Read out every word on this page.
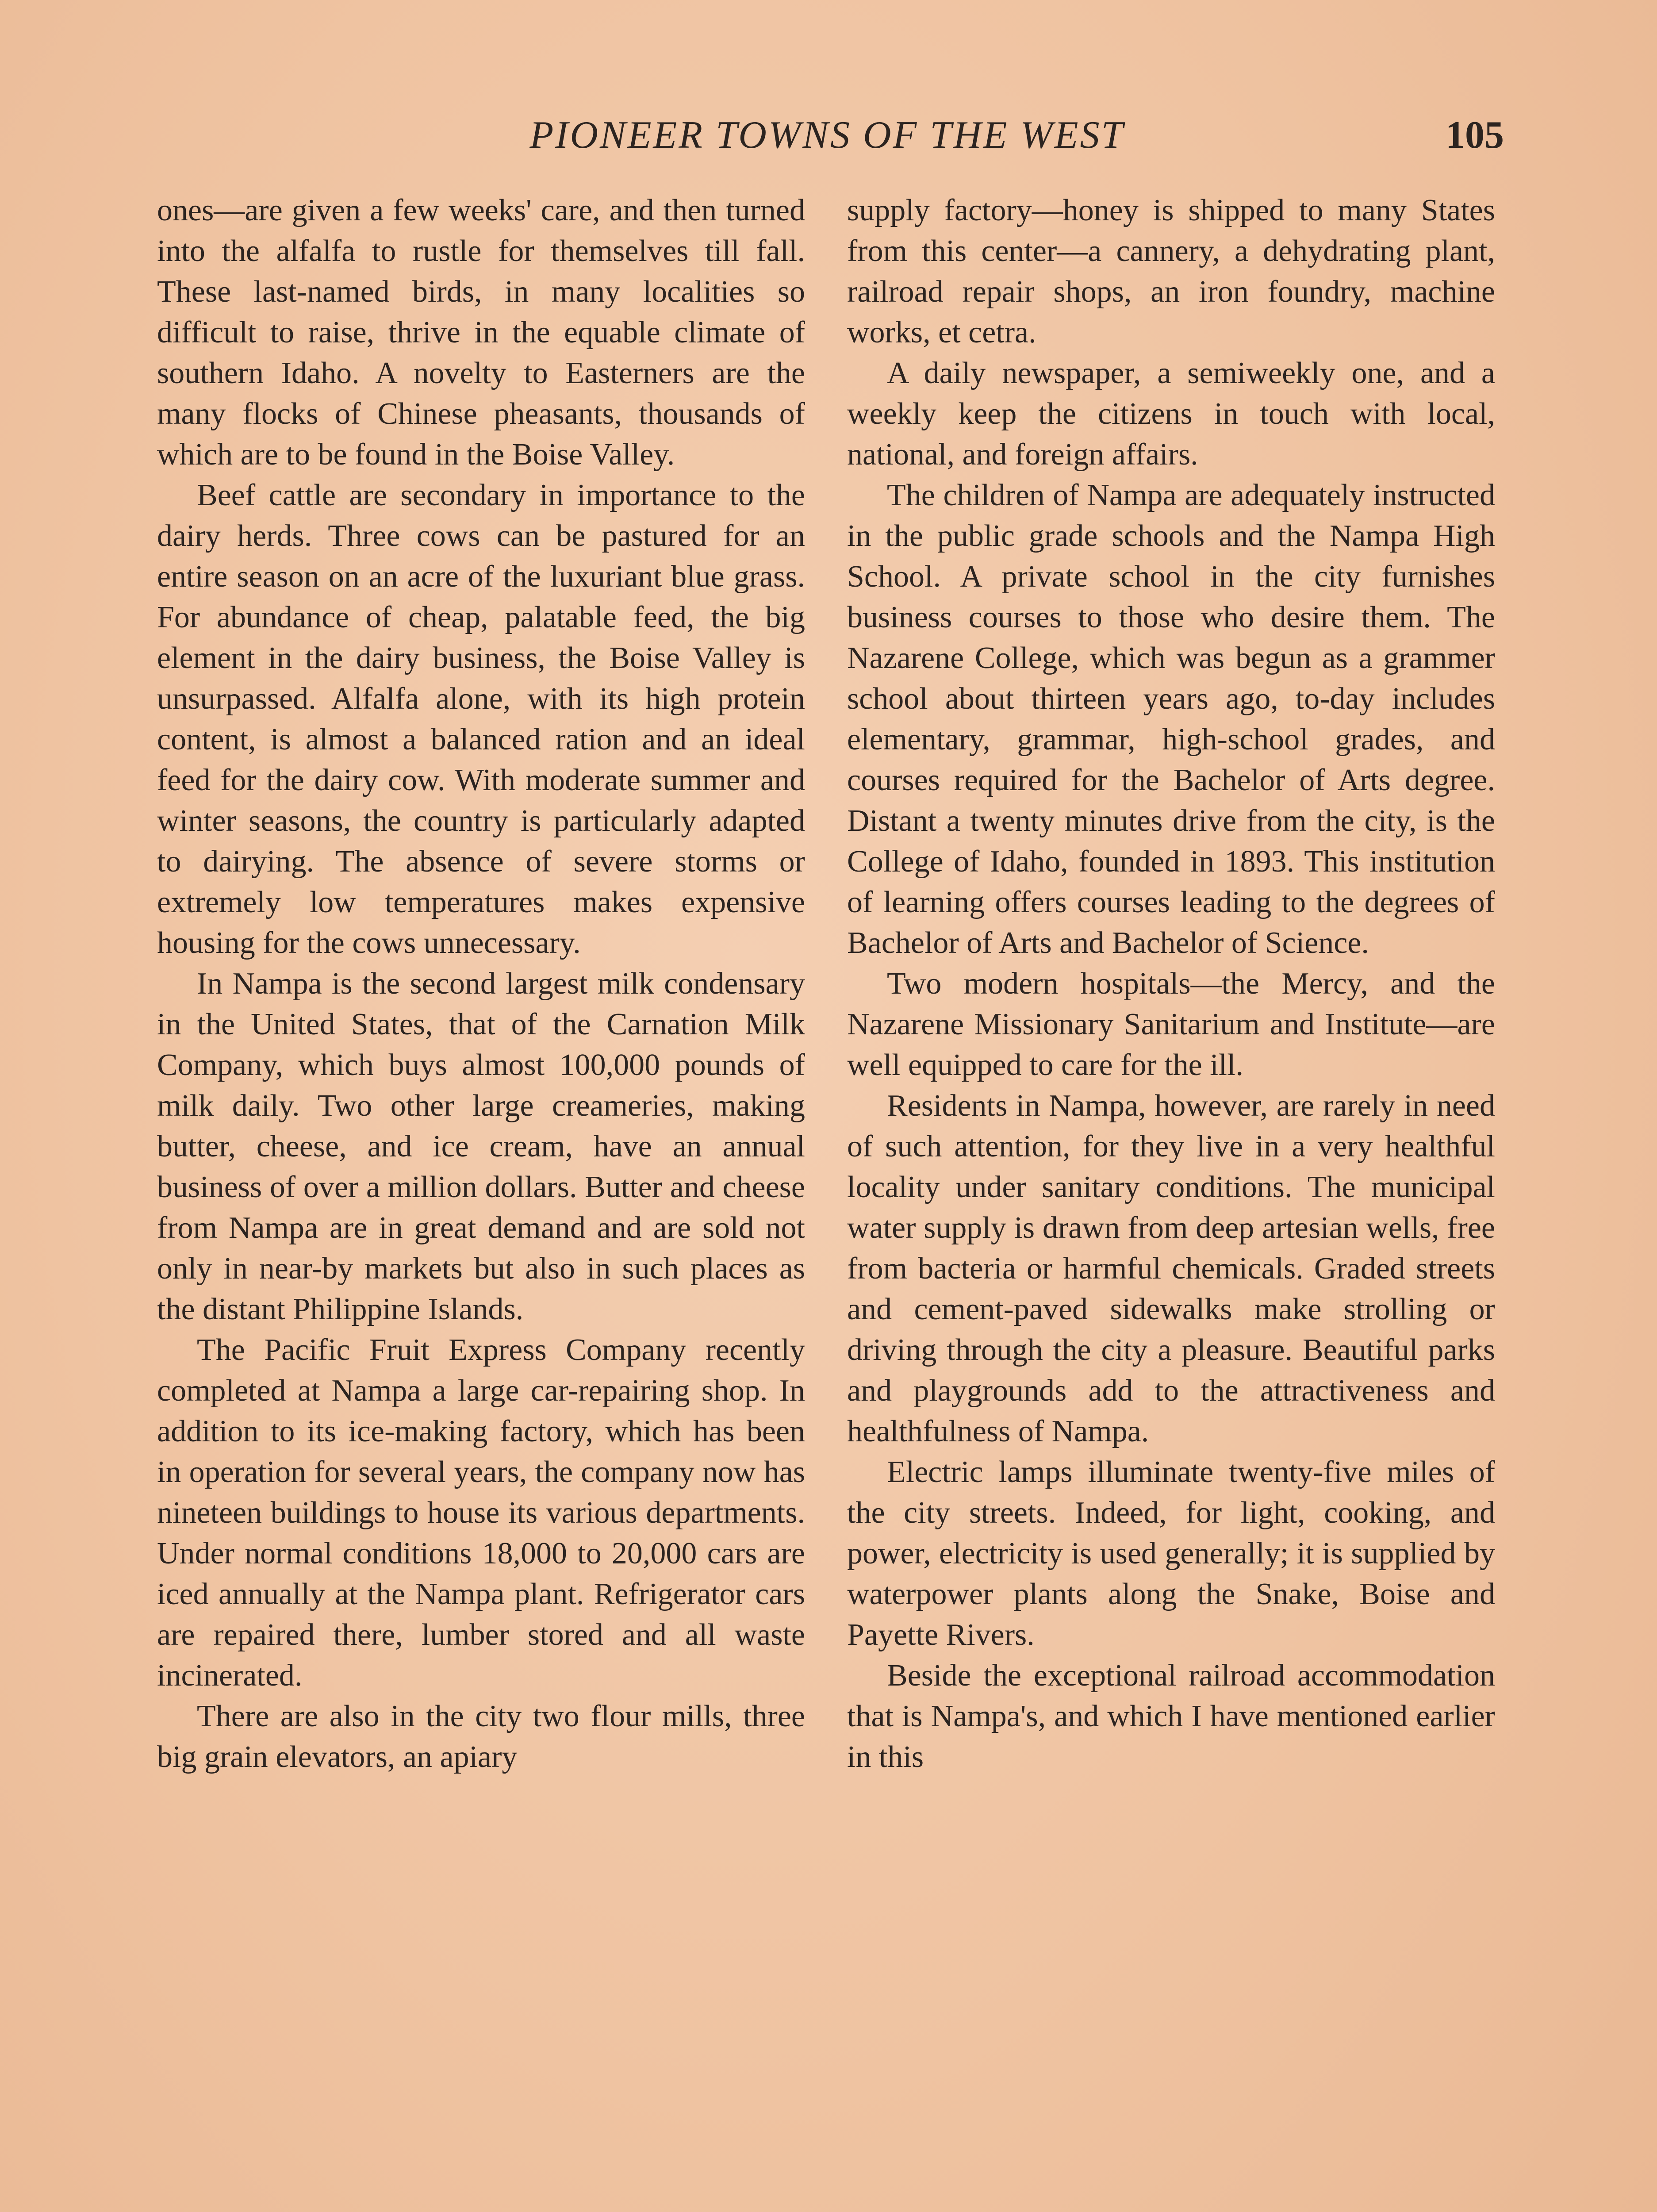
PIONEER TOWNS OF THE WEST	105

ones—are given a few weeks' care, and then turned into the alfalfa to rustle for themselves till fall. These last-named birds, in many localities so difficult to raise, thrive in the equable climate of southern Idaho. A novelty to Easterners are the many flocks of Chinese pheasants, thousands of which are to be found in the Boise Valley.

Beef cattle are secondary in importance to the dairy herds. Three cows can be pastured for an entire season on an acre of the luxuriant blue grass. For abundance of cheap, palatable feed, the big element in the dairy business, the Boise Valley is unsurpassed. Alfalfa alone, with its high protein content, is almost a balanced ration and an ideal feed for the dairy cow. With moderate summer and winter seasons, the country is particularly adapted to dairying. The absence of severe storms or extremely low temperatures makes expensive housing for the cows unnecessary.

In Nampa is the second largest milk condensary in the United States, that of the Carnation Milk Company, which buys almost 100,000 pounds of milk daily. Two other large creameries, making butter, cheese, and ice cream, have an annual business of over a million dollars. Butter and cheese from Nampa are in great demand and are sold not only in near-by markets but also in such places as the distant Philippine Islands.

The Pacific Fruit Express Company recently completed at Nampa a large car-repairing shop. In addition to its ice-making factory, which has been in operation for several years, the company now has nineteen buildings to house its various departments. Under normal conditions 18,000 to 20,000 cars are iced annually at the Nampa plant. Refrigerator cars are repaired there, lumber stored and all waste incinerated.

There are also in the city two flour mills, three big grain elevators, an apiary

supply factory—honey is shipped to many States from this center—a cannery, a dehydrating plant, railroad repair shops, an iron foundry, machine works, et cetra.

A daily newspaper, a semiweekly one, and a weekly keep the citizens in touch with local, national, and foreign affairs.

The children of Nampa are adequately instructed in the public grade schools and the Nampa High School. A private school in the city furnishes business courses to those who desire them. The Nazarene College, which was begun as a grammer school about thirteen years ago, to-day includes elementary, grammar, high-school grades, and courses required for the Bachelor of Arts degree. Distant a twenty minutes drive from the city, is the College of Idaho, founded in 1893. This institution of learning offers courses leading to the degrees of Bachelor of Arts and Bachelor of Science.

Two modern hospitals—the Mercy, and the Nazarene Missionary Sanitarium and Institute—are well equipped to care for the ill.

Residents in Nampa, however, are rarely in need of such attention, for they live in a very healthful locality under sanitary conditions. The municipal water supply is drawn from deep artesian wells, free from bacteria or harmful chemicals. Graded streets and cement-paved sidewalks make strolling or driving through the city a pleasure. Beautiful parks and playgrounds add to the attractiveness and healthfulness of Nampa.

Electric lamps illuminate twenty-five miles of the city streets. Indeed, for light, cooking, and power, electricity is used generally; it is supplied by waterpower plants along the Snake, Boise and Payette Rivers.

Beside the exceptional railroad accommodation that is Nampa's, and which I have mentioned earlier in this
